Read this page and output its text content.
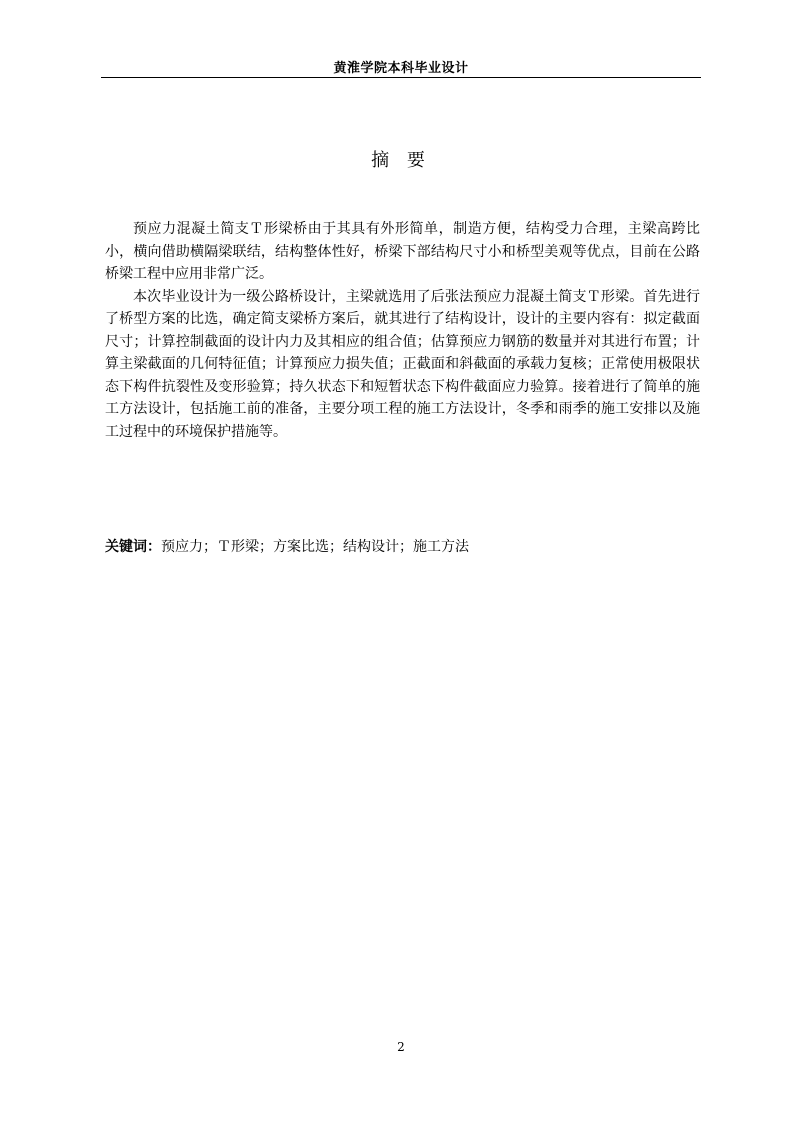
黄淮学院本科毕业设计
摘 要

预应力混凝土简支Ｔ形梁桥由于其具有外形简单，制造方便，结构受力合理，主梁高跨比小，横向借助横隔梁联结，结构整体性好，桥梁下部结构尺寸小和桥型美观等优点，目前在公路桥梁工程中应用非常广泛。

本次毕业设计为一级公路桥设计，主梁就选用了后张法预应力混凝土简支Ｔ形梁。首先进行了桥型方案的比选，确定简支梁桥方案后，就其进行了结构设计，设计的主要内容有：拟定截面尺寸；计算控制截面的设计内力及其相应的组合值；估算预应力钢筋的数量并对其进行布置；计算主梁截面的几何特征值；计算预应力损失值；正截面和斜截面的承载力复核；正常使用极限状态下构件抗裂性及变形验算；持久状态下和短暂状态下构件截面应力验算。接着进行了简单的施工方法设计，包括施工前的准备，主要分项工程的施工方法设计，冬季和雨季的施工安排以及施工过程中的环境保护措施等。

关键词：预应力；Ｔ形梁；方案比选；结构设计；施工方法
2
